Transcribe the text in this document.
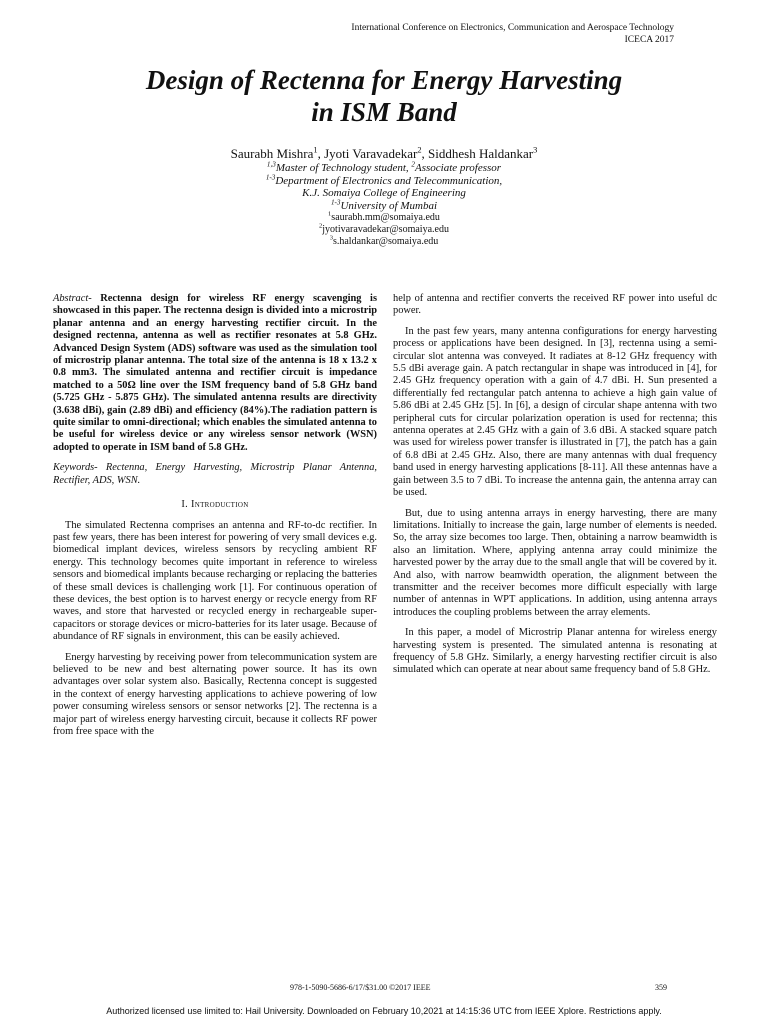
International Conference on Electronics, Communication and Aerospace Technology
ICECA 2017
Design of Rectenna for Energy Harvesting
in ISM Band
Saurabh Mishra$^1$, Jyoti Varavadekar$^2$, Siddhesh Haldankar$^3$
$^{1,3}$Master of Technology student, $^2$Associate professor
$^{1-3}$Department of Electronics and Telecommunication,
K.J. Somaiya College of Engineering
$^{1-3}$University of Mumbai
$^1$saurabh.mm@somaiya.edu
$^2$jyotivaravadekar@somaiya.edu
$^3$s.haldankar@somaiya.edu

Abstract- Rectenna design for wireless RF energy scavenging is showcased in this paper. The rectenna design is divided into a microstrip planar antenna and an energy harvesting rectifier circuit. In the designed rectenna, antenna as well as rectifier resonates at 5.8 GHz. Advanced Design System (ADS) software was used as the simulation tool of microstrip planar antenna. The total size of the antenna is 18 x 13.2 x 0.8 mm3. The simulated antenna and rectifier circuit is impedance matched to a 50Ω line over the ISM frequency band of 5.8 GHz band (5.725 GHz - 5.875 GHz). The simulated antenna results are directivity (3.638 dBi), gain (2.89 dBi) and efficiency (84%).The radiation pattern is quite similar to omni-directional; which enables the simulated antenna to be useful for wireless device or any wireless sensor network (WSN) adopted to operate in ISM band of 5.8 GHz.

Keywords- Rectenna, Energy Harvesting, Microstrip Planar Antenna, Rectifier, ADS, WSN.

I. Introduction

The simulated Rectenna comprises an antenna and RF-to-dc rectifier. In past few years, there has been interest for powering of very small devices e.g. biomedical implant devices, wireless sensors by recycling ambient RF energy. This technology becomes quite important in reference to wireless sensors and biomedical implants because recharging or replacing the batteries of these small devices is challenging work [1]. For continuous operation of these devices, the best option is to harvest energy or recycle energy from RF waves, and store that harvested or recycled energy in rechargeable super-capacitors or storage devices or micro-batteries for its later usage. Because of abundance of RF signals in environment, this can be easily achieved.

Energy harvesting by receiving power from telecommunication system are believed to be new and best alternating power source. It has its own advantages over solar system also. Basically, Rectenna concept is suggested in the context of energy harvesting applications to achieve powering of low power consuming wireless sensors or sensor networks [2]. The rectenna is a major part of wireless energy harvesting circuit, because it collects RF power from free space with the

help of antenna and rectifier converts the received RF power into useful dc power.

In the past few years, many antenna configurations for energy harvesting process or applications have been designed. In [3], rectenna using a semi-circular slot antenna was conveyed. It radiates at 8-12 GHz frequency with 5.5 dBi average gain. A patch rectangular in shape was introduced in [4], for 2.45 GHz frequency operation with a gain of 4.7 dBi. H. Sun presented a differentially fed rectangular patch antenna to achieve a high gain value of 5.86 dBi at 2.45 GHz [5]. In [6], a design of circular shape antenna with two peripheral cuts for circular polarization operation is used for rectenna; this antenna operates at 2.45 GHz with a gain of 3.6 dBi. A stacked square patch was used for wireless power transfer is illustrated in [7], the patch has a gain of 6.8 dBi at 2.45 GHz. Also, there are many antennas with dual frequency band used in energy harvesting applications [8-11]. All these antennas have a gain between 3.5 to 7 dBi. To increase the antenna gain, the antenna array can be used.

But, due to using antenna arrays in energy harvesting, there are many limitations. Initially to increase the gain, large number of elements is needed. So, the array size becomes too large. Then, obtaining a narrow beamwidth is also an limitation. Where, applying antenna array could minimize the harvested power by the array due to the small angle that will be covered by it. And also, with narrow beamwidth operation, the alignment between the transmitter and the receiver becomes more difficult especially with large number of antennas in WPT applications. In addition, using antenna arrays introduces the coupling problems between the array elements.

In this paper, a model of Microstrip Planar antenna for wireless energy harvesting system is presented. The simulated antenna is resonating at frequency of 5.8 GHz. Similarly, a energy harvesting rectifier circuit is also simulated which can operate at near about same frequency band of 5.8 GHz.

978-1-5090-5686-6/17/$31.00 ©2017 IEEE	359
Authorized licensed use limited to: Hail University. Downloaded on February 10,2021 at 14:15:36 UTC from IEEE Xplore. Restrictions apply.
